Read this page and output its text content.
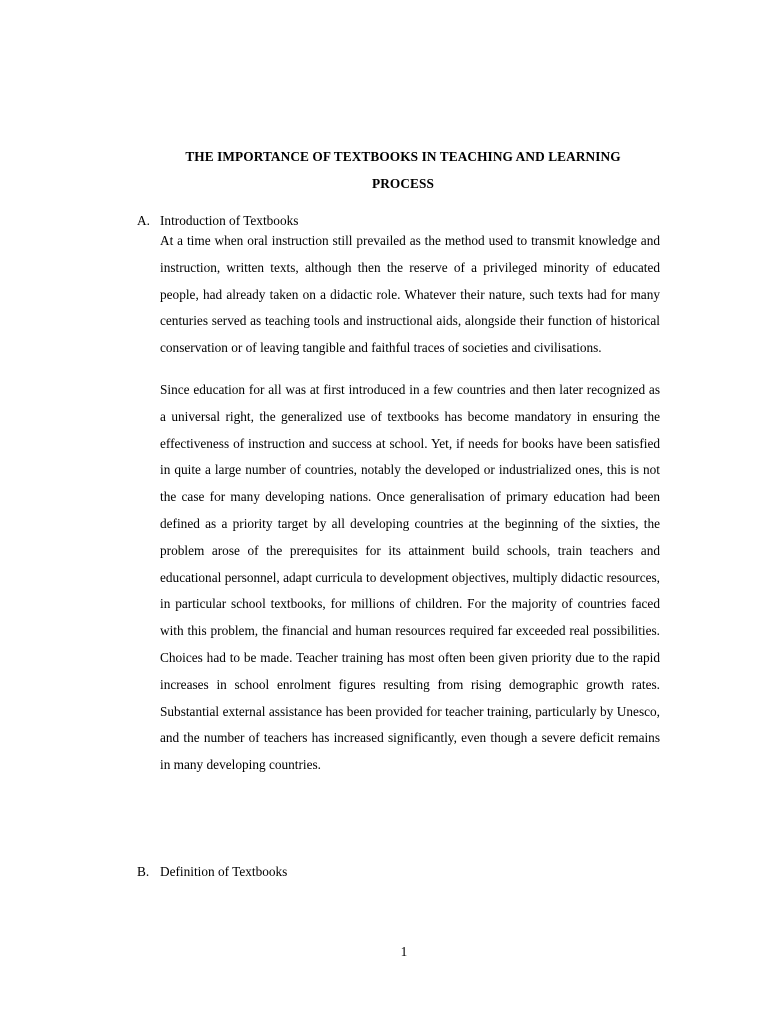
THE IMPORTANCE OF TEXTBOOKS IN TEACHING AND LEARNING
PROCESS
A. Introduction of Textbooks

At a time when oral instruction still prevailed as the method used to transmit knowledge and instruction, written texts, although then the reserve of a privileged minority of educated people, had already taken on a didactic role. Whatever their nature, such texts had for many centuries served as teaching tools and instructional aids, alongside their function of historical conservation or of leaving tangible and faithful traces of societies and civilisations.

Since education for all was at first introduced in a few countries and then later recognized as a universal right, the generalized use of textbooks has become mandatory in ensuring the effectiveness of instruction and success at school. Yet, if needs for books have been satisfied in quite a large number of countries, notably the developed or industrialized ones, this is not the case for many developing nations. Once generalisation of primary education had been defined as a priority target by all developing countries at the beginning of the sixties, the problem arose of the prerequisites for its attainment build schools, train teachers and educational personnel, adapt curricula to development objectives, multiply didactic resources, in particular school textbooks, for millions of children. For the majority of countries faced with this problem, the financial and human resources required far exceeded real possibilities. Choices had to be made. Teacher training has most often been given priority due to the rapid increases in school enrolment figures resulting from rising demographic growth rates. Substantial external assistance has been provided for teacher training, particularly by Unesco, and the number of teachers has increased significantly, even though a severe deficit remains in many developing countries.

B. Definition of Textbooks
1
